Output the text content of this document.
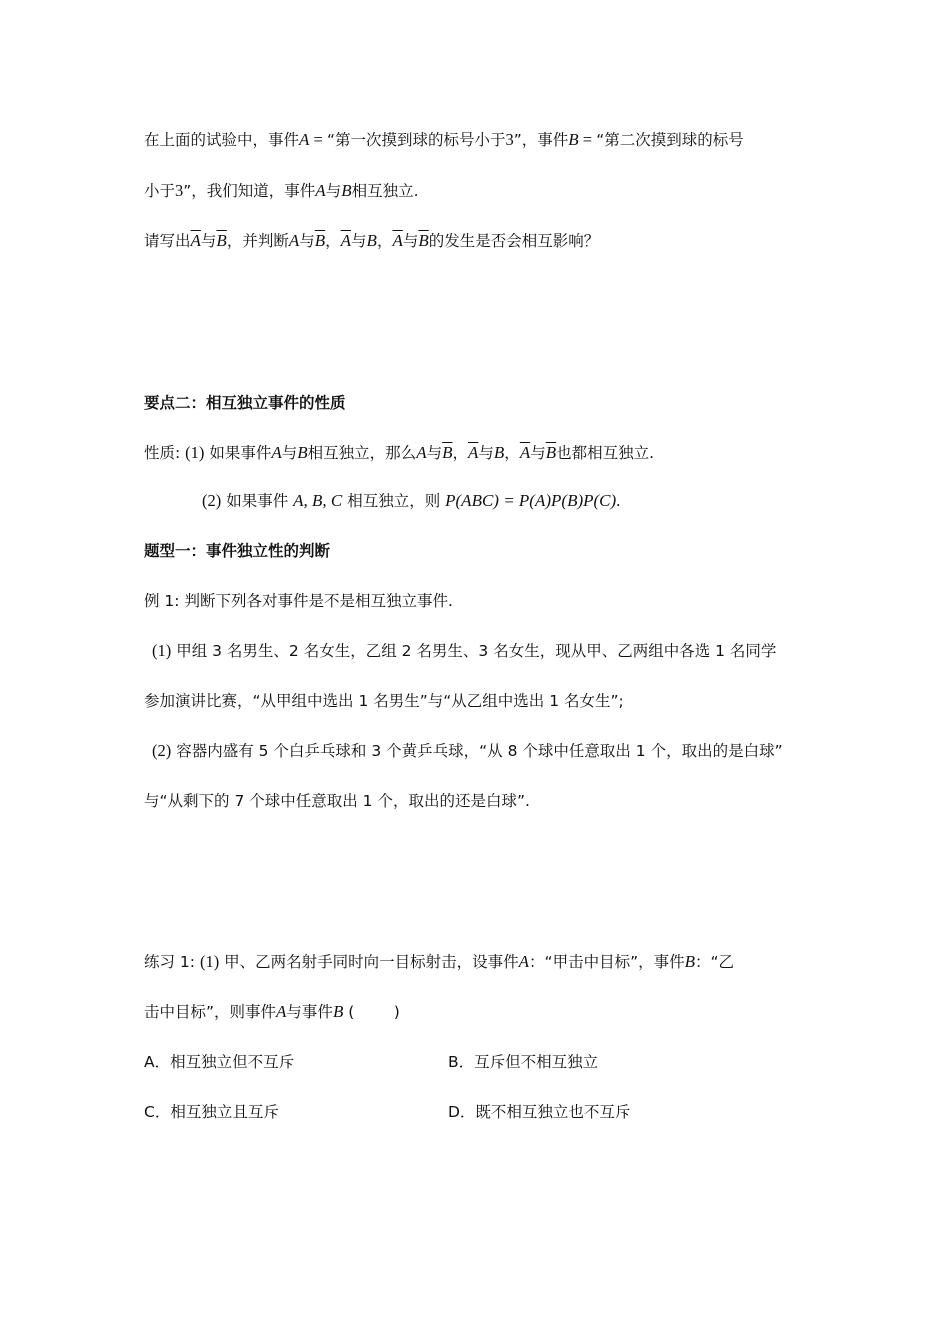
在上面的试验中，事件A = “第一次摸到球的标号小于3”，事件B = “第二次摸到球的标号
小于3”，我们知道，事件A与B相互独立.
请写出$\overline{A}$与$\overline{B}$，并判断A与$\overline{B}$，$\overline{A}$与B，$\overline{A}$与$\overline{B}$的发生是否会相互影响？
要点二：相互独立事件的性质
性质: (1) 如果事件A与B相互独立，那么A与$\overline{B}$，$\overline{A}$与B，$\overline{A}$与$\overline{B}$也都相互独立.
(2) 如果事件 A, B, C 相互独立，则 P(ABC) = P(A)P(B)P(C).
题型一：事件独立性的判断
例 1: 判断下列各对事件是不是相互独立事件.
(1) 甲组 3 名男生、2 名女生，乙组 2 名男生、3 名女生，现从甲、乙两组中各选 1 名同学
参加演讲比赛，“从甲组中选出 1 名男生”与“从乙组中选出 1 名女生”;
(2) 容器内盛有 5 个白乒乓球和 3 个黄乒乓球，“从 8 个球中任意取出 1 个，取出的是白球”
与“从剩下的 7 个球中任意取出 1 个，取出的还是白球”.
练习 1: (1) 甲、乙两名射手同时向一目标射击，设事件A：“甲击中目标”，事件B：“乙
击中目标”，则事件A与事件B (        )
A．相互独立但不互斥	B．互斥但不相互独立
C．相互独立且互斥	D．既不相互独立也不互斥
